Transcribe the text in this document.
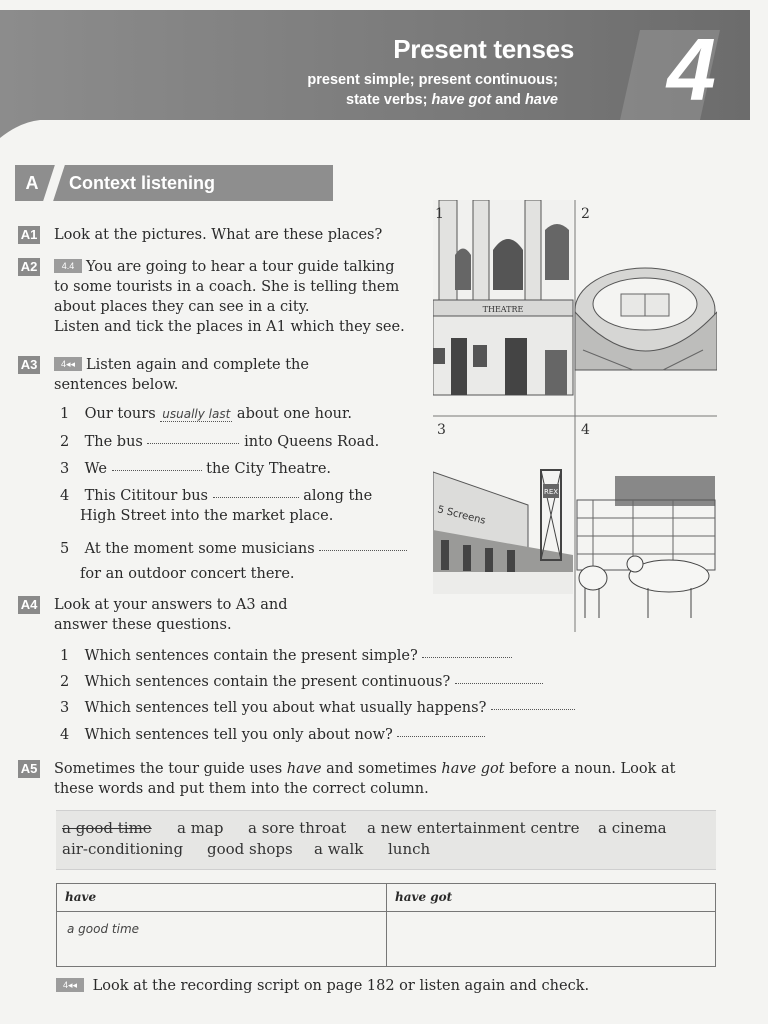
Present tenses
present simple; present continuous;
state verbs; have got and have 4
A	Context listening
A1 Look at the pictures. What are these places?
A2	4.4 You are going to hear a tour guide talking
to some tourists in a coach. She is telling them
about places they can see in a city.
Listen and tick the places in A1 which they see.
A3	4◂◂ Listen again and complete the
sentences below.
1 Our tours usually last about one hour.
2 The bus	into Queens Road.
3 We	the City Theatre.
4 This Cititour bus	along the
High Street into the market place.
5 At the moment some musicians
for an outdoor concert there.
THEATRE
5 Screens
REX
1	2
3	4
A4 Look at your answers to A3 and
answer these questions.
1 Which sentences contain the present simple?
2 Which sentences contain the present continuous?
3 Which sentences tell you about what usually happens?
4 Which sentences tell you only about now?
A5 Sometimes the tour guide uses have and sometimes have got before a noun. Look at
these words and put them into the correct column.
a good time a map a sore throat a new entertainment centre a cinema
air-conditioning good shops a walk lunch
have	have got
a good time	
4◂◂ Look at the recording script on page 182 or listen again and check.
